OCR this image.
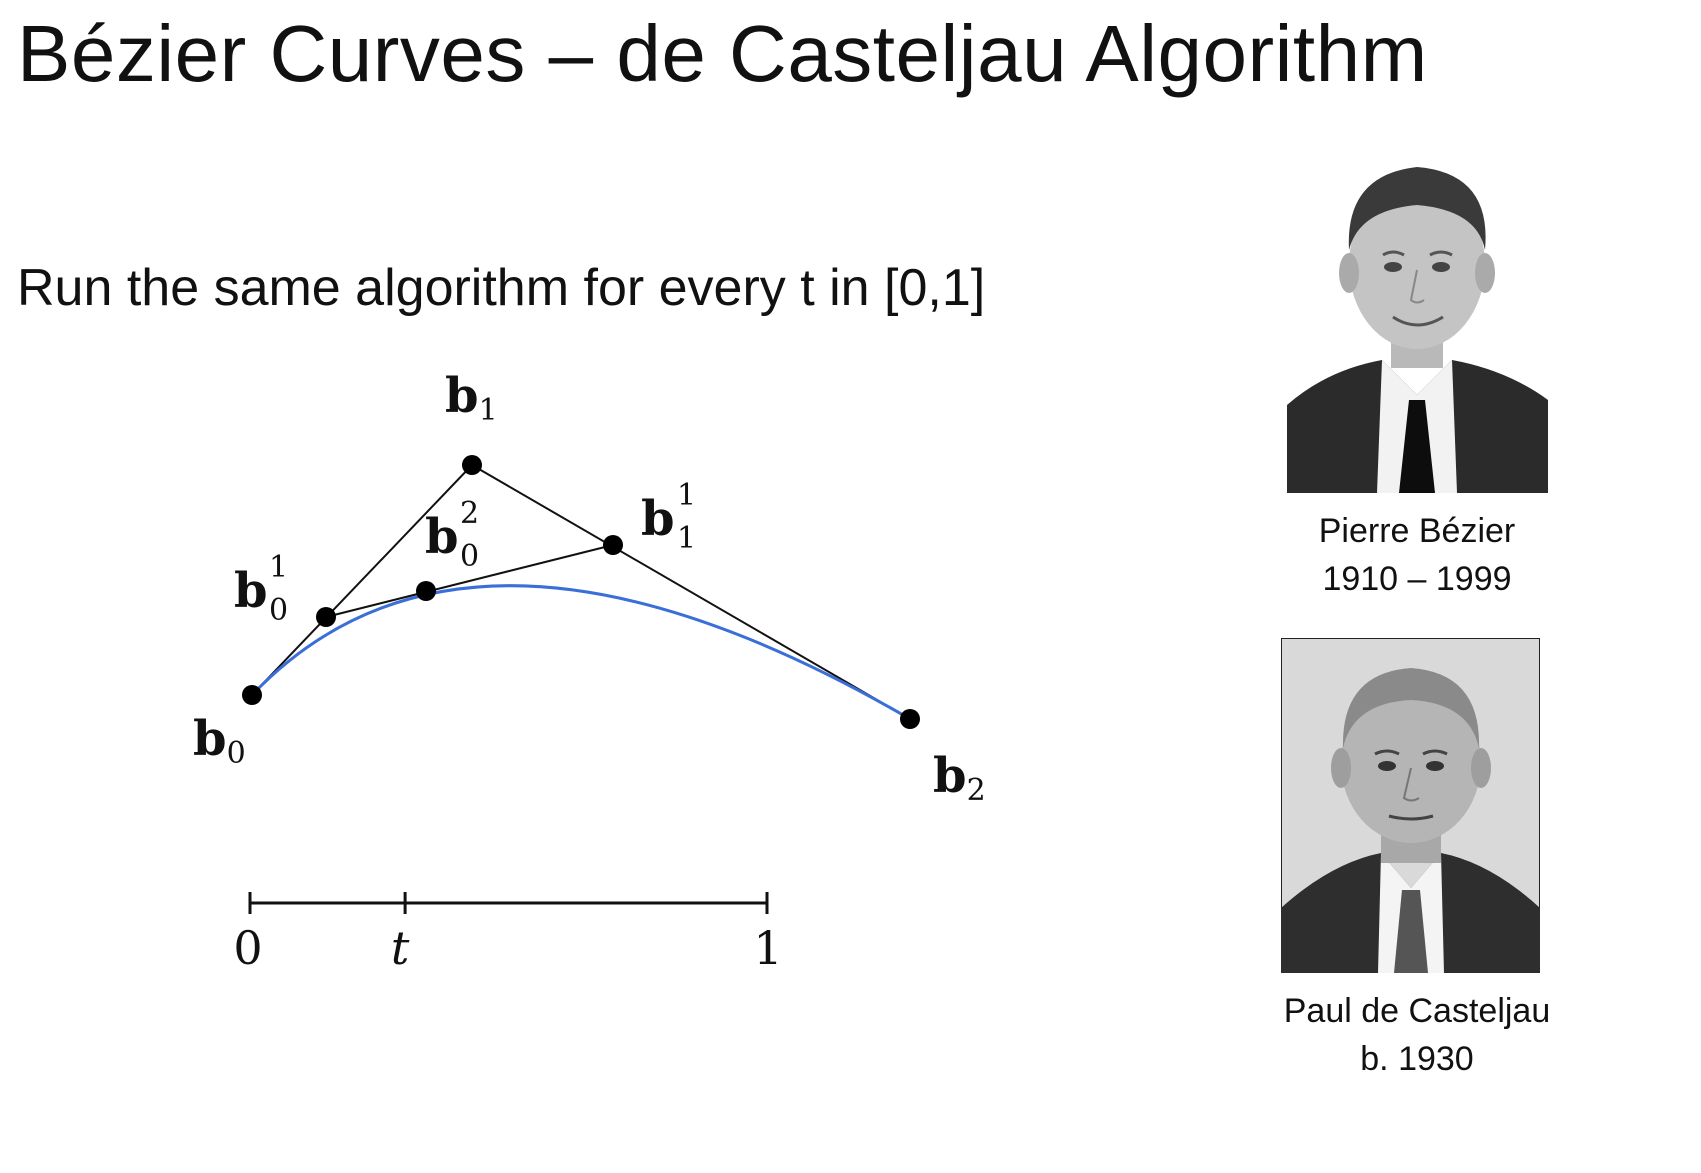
Bézier Curves – de Casteljau Algorithm
Run the same algorithm for every t in [0,1]
b1
b0	b2
b 1
0
b 2
0
b 1
1
0	t	1
Pierre Bézier
1910 – 1999
Paul de Casteljau
b. 1930
